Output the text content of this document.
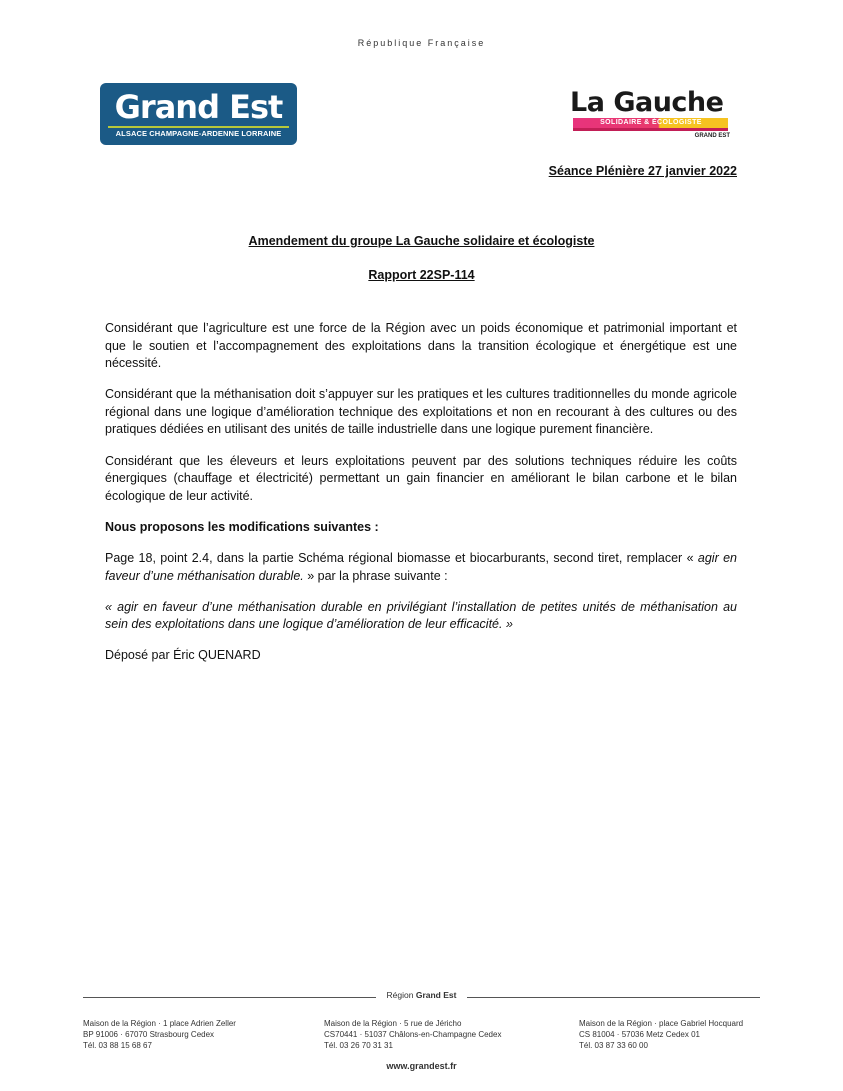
République Française
Grand Est
ALSACE CHAMPAGNE-ARDENNE LORRAINE
La Gauche
SOLIDAIRE & ÉCOLOGISTE
GRAND EST
Séance Plénière 27 janvier 2022
Amendement du groupe La Gauche solidaire et écologiste
Rapport 22SP-114

Considérant que l’agriculture est une force de la Région avec un poids économique et patrimonial important et que le soutien et l’accompagnement des exploitations dans la transition écologique et énergétique est une nécessité.

Considérant que la méthanisation doit s’appuyer sur les pratiques et les cultures traditionnelles du monde agricole régional dans une logique d’amélioration technique des exploitations et non en recourant à des cultures ou des pratiques dédiées en utilisant des unités de taille industrielle dans une logique purement financière.

Considérant que les éleveurs et leurs exploitations peuvent par des solutions techniques réduire les coûts énergiques (chauffage et électricité) permettant un gain financier en améliorant le bilan carbone et le bilan écologique de leur activité.

Nous proposons les modifications suivantes :

Page 18, point 2.4, dans la partie Schéma régional biomasse et biocarburants, second tiret, remplacer « agir en faveur d’une méthanisation durable. » par la phrase suivante :

« agir en faveur d’une méthanisation durable en privilégiant l’installation de petites unités de méthanisation au sein des exploitations dans une logique d’amélioration de leur efficacité. »

Déposé par Éric QUENARD

Région Grand Est
Maison de la Région · 1 place Adrien Zeller
BP 91006 · 67070 Strasbourg Cedex
Tél. 03 88 15 68 67
Maison de la Région · 5 rue de Jéricho
CS70441 · 51037 Châlons-en-Champagne Cedex
Tél. 03 26 70 31 31
Maison de la Région · place Gabriel Hocquard
CS 81004 · 57036 Metz Cedex 01
Tél. 03 87 33 60 00
www.grandest.fr
